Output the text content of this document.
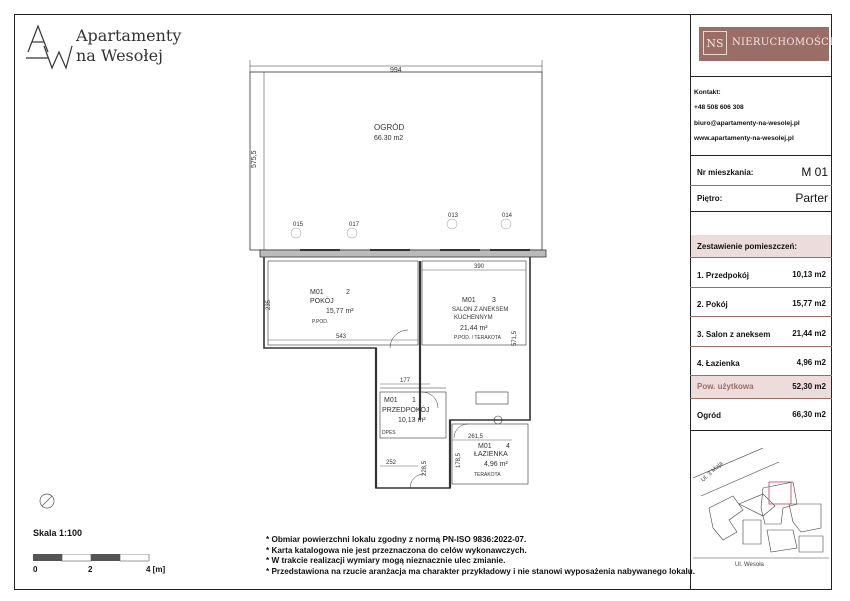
Apartamenty
na Wesołej
015	017
013	014
994
575,5
OGRÓD
66.30 m2
M01	2
POKÓJ
15,77 m²
P.POD.
543
235	M01 3
SALON Z ANEKSEM
KUCHENNYM
21,44 m²
P.POD. / TERAKOTA
390
571,5
177
M01 1
PRZEDPOKÓJ
10,13 m²
DPES
252	228,5
261,5
M01 4
ŁAZIENKA
4,96 m²
TERAKOTA
178,5
Skala 1:100
0	2	4 [m]
* Obmiar powierzchni lokalu zgodny z normą PN-ISO 9836:2022-07.
* Karta katalogowa nie jest przeznaczona do celów wykonawczych.
* W trakcie realizacji wymiary mogą nieznacznie ulec zmianie.
* Przedstawiona na rzucie aranżacja ma charakter przykładowy i nie stanowi wyposażenia nabywanego lokalu.
NS NIERUCHOMOŚCI
Kontakt:
+48 508 606 308
biuro@apartamenty-na-wesolej.pl
www.apartamenty-na-wesolej.pl
Nr mieszkania:	M 01
Piętro:	Parter
Zestawienie pomieszczeń:
1. Przedpokój	10,13 m2
2. Pokój	15,77 m2
3. Salon z aneksem	21,44 m2
4. Łazienka	4,96 m2
Pow. użytkowa	52,30 m2
Ogród	66,30 m2
Ul. 3 Maja
Ul. Wesoła
